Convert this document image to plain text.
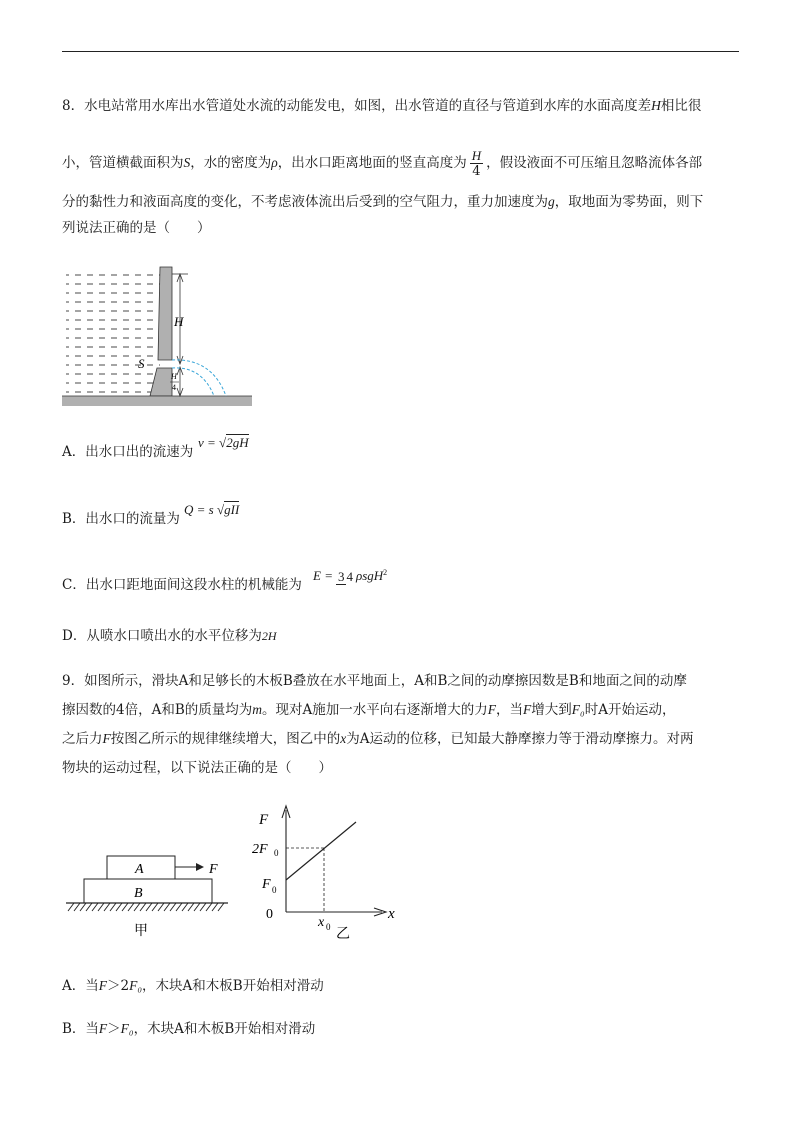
8．水电站常用水库出水管道处水流的动能发电，如图，出水管道的直径与管道到水库的水面高度差H相比很
小，管道横截面积为S，水的密度为ρ，出水口距离地面的竖直高度为 $\frac{H}{4}$ ，假设液面不可压缩且忽略流体各部
分的黏性力和液面高度的变化，不考虑液体流出后受到的空气阻力，重力加速度为g，取地面为零势面，则下
列说法正确的是（　　）
H
H
4
S
A．出水口出的流速为
v = √2gH
B．出水口的流量为
Q = s √gII
C．出水口距地面间这段水柱的机械能为
E = 3 4 ρsgH$^2$
D．从喷水口喷出水的水平位移为2H
9．如图所示，滑块A和足够长的木板B叠放在水平地面上，A和B之间的动摩擦因数是B和地面之间的动摩
擦因数的4倍，A和B的质量均为m。现对A施加一水平向右逐渐增大的力F，当F增大到F₀时A开始运动，
之后力F按图乙所示的规律继续增大，图乙中的x为A运动的位移，已知最大静摩擦力等于滑动摩擦力。对两
物块的运动过程，以下说法正确的是（　　）
A
B
F
甲
F
x
0
2F 0
F 0
x 0 乙
A．当F＞2F₀，木块A和木板B开始相对滑动
B．当F＞F₀，木块A和木板B开始相对滑动
